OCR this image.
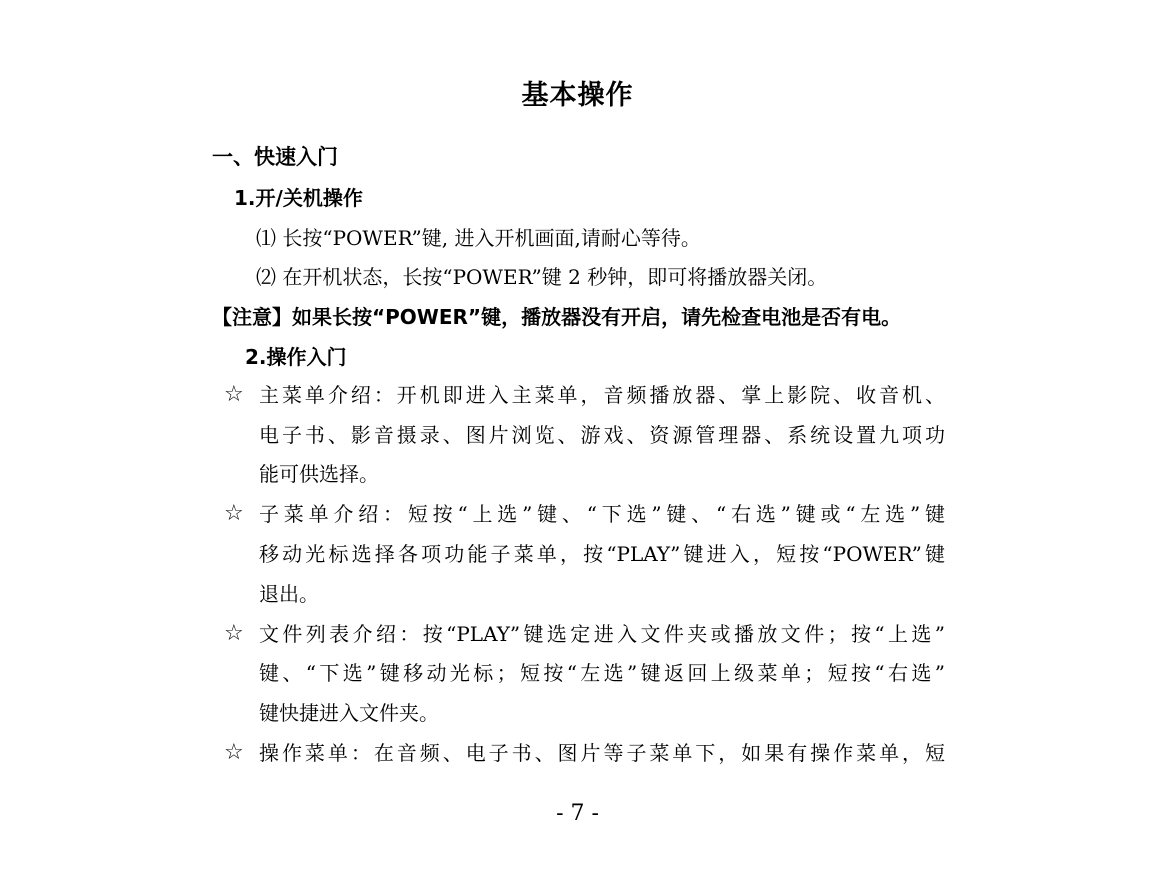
基本操作
一、快速入门
1.开/关机操作
⑴ 长按“POWER”键, 进入开机画面,请耐心等待。
⑵ 在开机状态，长按“POWER”键 2 秒钟，即可将播放器关闭。
【注意】如果长按“POWER”键，播放器没有开启，请先检查电池是否有电。
2.操作入门
☆ 主菜单介绍：开机即进入主菜单，音频播放器、掌上影院、收音机、
电子书、影音摄录、图片浏览、游戏、资源管理器、系统设置九项功
能可供选择。
☆ 子菜单介绍：短按“上选”键、“下选”键、“右选”键或“左选”键
移动光标选择各项功能子菜单，按“PLAY”键进入，短按“POWER”键
退出。
☆ 文件列表介绍：按“PLAY”键选定进入文件夹或播放文件；按“上选”
键、“下选”键移动光标；短按“左选”键返回上级菜单；短按“右选”
键快捷进入文件夹。
☆ 操作菜单：在音频、电子书、图片等子菜单下，如果有操作菜单，短
- 7 -
